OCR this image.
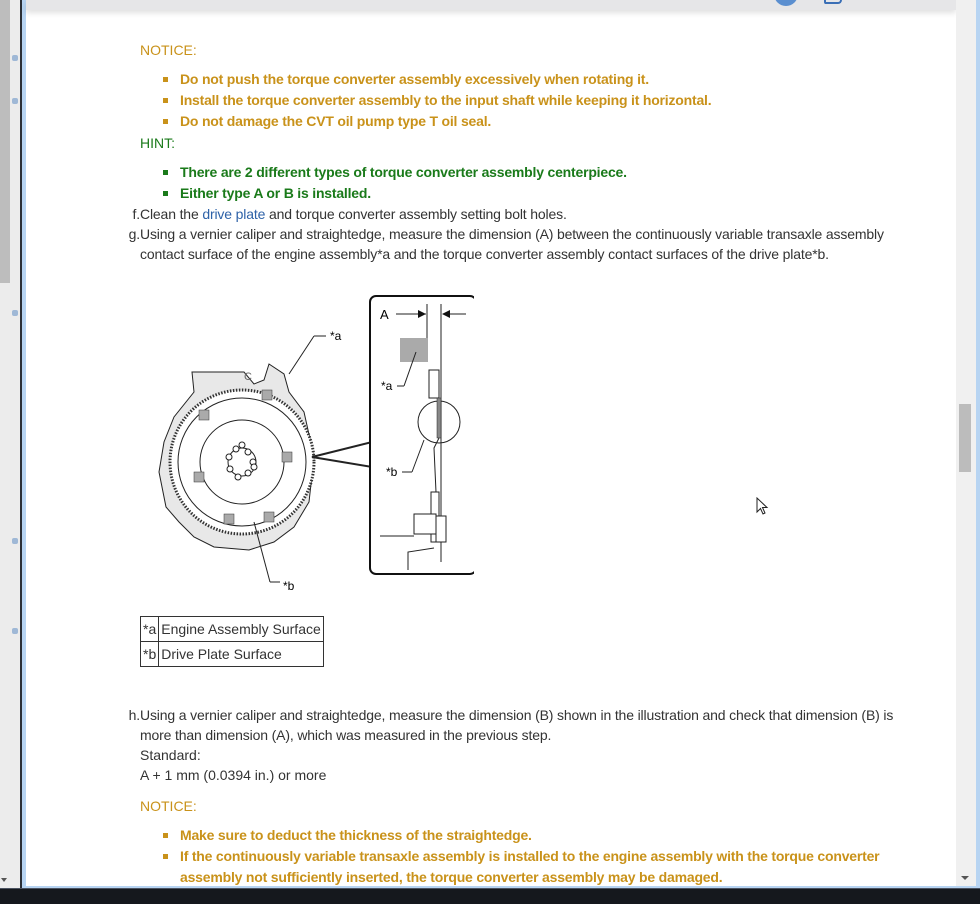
NOTICE:
Do not push the torque converter assembly excessively when rotating it.
Install the torque converter assembly to the input shaft while keeping it horizontal.
Do not damage the CVT oil pump type T oil seal.
HINT:
There are 2 different types of torque converter assembly centerpiece.
Either type A or B is installed.
f. Clean the drive plate and torque converter assembly setting bolt holes.
g. Using a vernier caliper and straightedge, measure the dimension (A) between the continuously variable transaxle assembly contact surface of the engine assembly*a and the torque converter assembly contact surfaces of the drive plate*b.
*a
*b
C
A
*a
*b
*a	Engine Assembly Surface
*b	Drive Plate Surface
h. Using a vernier caliper and straightedge, measure the dimension (B) shown in the illustration and check that dimension (B) is more than dimension (A), which was measured in the previous step.
Standard:
A + 1 mm (0.0394 in.) or more
NOTICE:
Make sure to deduct the thickness of the straightedge.
If the continuously variable transaxle assembly is installed to the engine assembly with the torque converter assembly not sufficiently inserted, the torque converter assembly may be damaged.
